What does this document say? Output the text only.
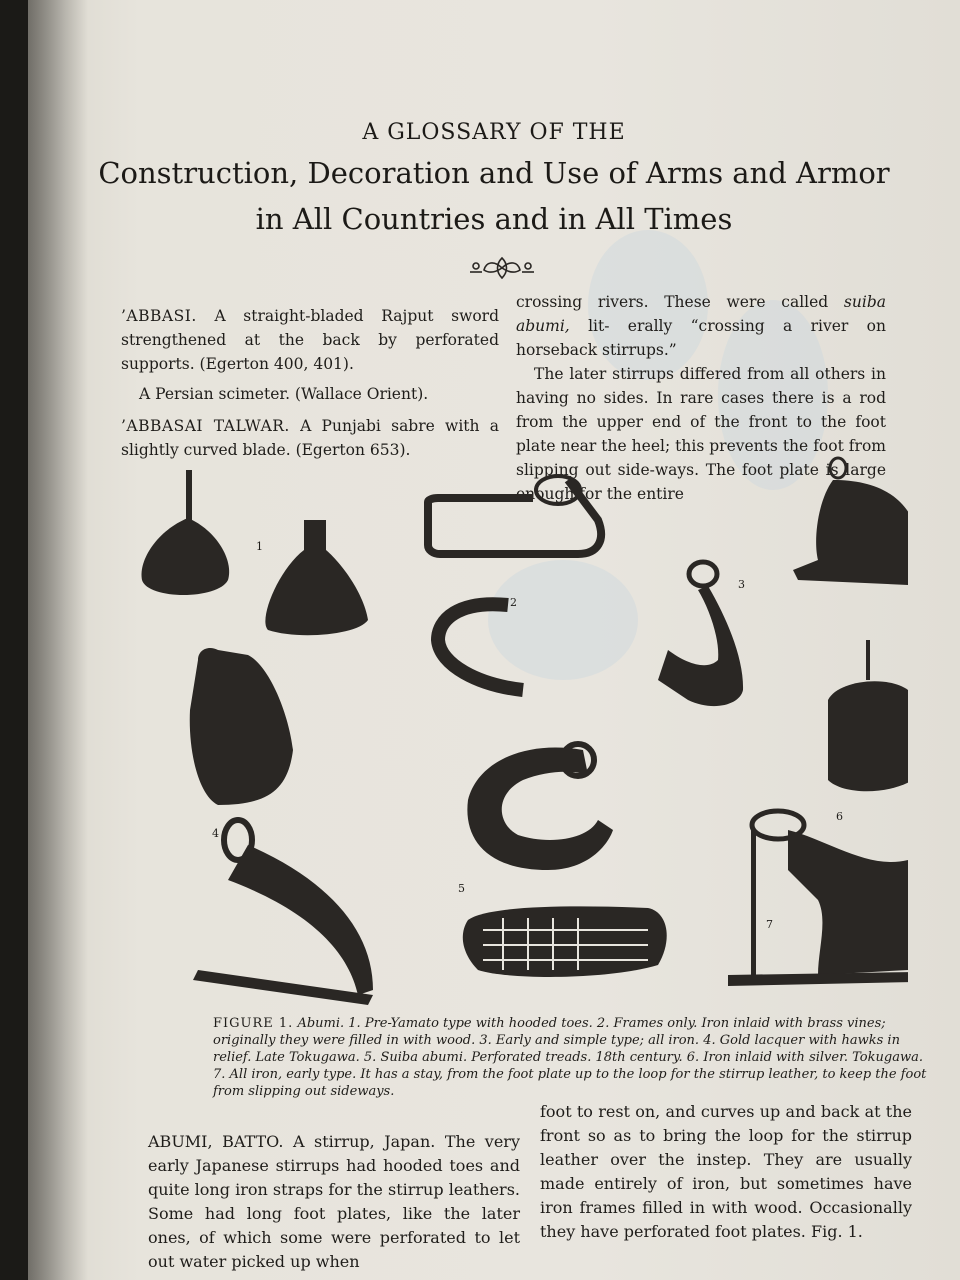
A GLOSSARY OF THE
Construction, Decoration and Use of Arms and Armor
in All Countries and in All Times

’ABBASI. A straight-bladed Rajput sword strengthened at the back by perforated supports. (Egerton 400, 401).

A Persian scimeter. (Wallace Orient).

’ABBASAI TALWAR. A Punjabi sabre with a slightly curved blade. (Egerton 653).

crossing rivers. These were called suiba abumi, lit- erally “crossing a river on horseback stirrups.”

The later stirrups differed from all others in having no sides. In rare cases there is a rod from the upper end of the front to the foot plate near the heel; this prevents the foot from slipping out side-ways. The foot plate is large enough for the entire

1
2
3
4
5
6
7
FIGURE 1. Abumi. 1. Pre-Yamato type with hooded toes. 2. Frames only. Iron inlaid with brass vines; originally they were filled in with wood. 3. Early and simple type; all iron. 4. Gold lacquer with hawks in relief. Late Tokugawa. 5. Suiba abumi. Perforated treads. 18th century. 6. Iron inlaid with silver. Tokugawa. 7. All iron, early type. It has a stay, from the foot plate up to the loop for the stirrup leather, to keep the foot from slipping out sideways.
ABUMI, BATTO. A stirrup, Japan. The very early Japanese stirrups had hooded toes and quite long iron straps for the stirrup leathers. Some had long foot plates, like the later ones, of which some were perforated to let out water picked up when
foot to rest on, and curves up and back at the front so as to bring the loop for the stirrup leather over the instep. They are usually made entirely of iron, but sometimes have iron frames filled in with wood. Occasionally they have perforated foot plates. Fig. 1.
